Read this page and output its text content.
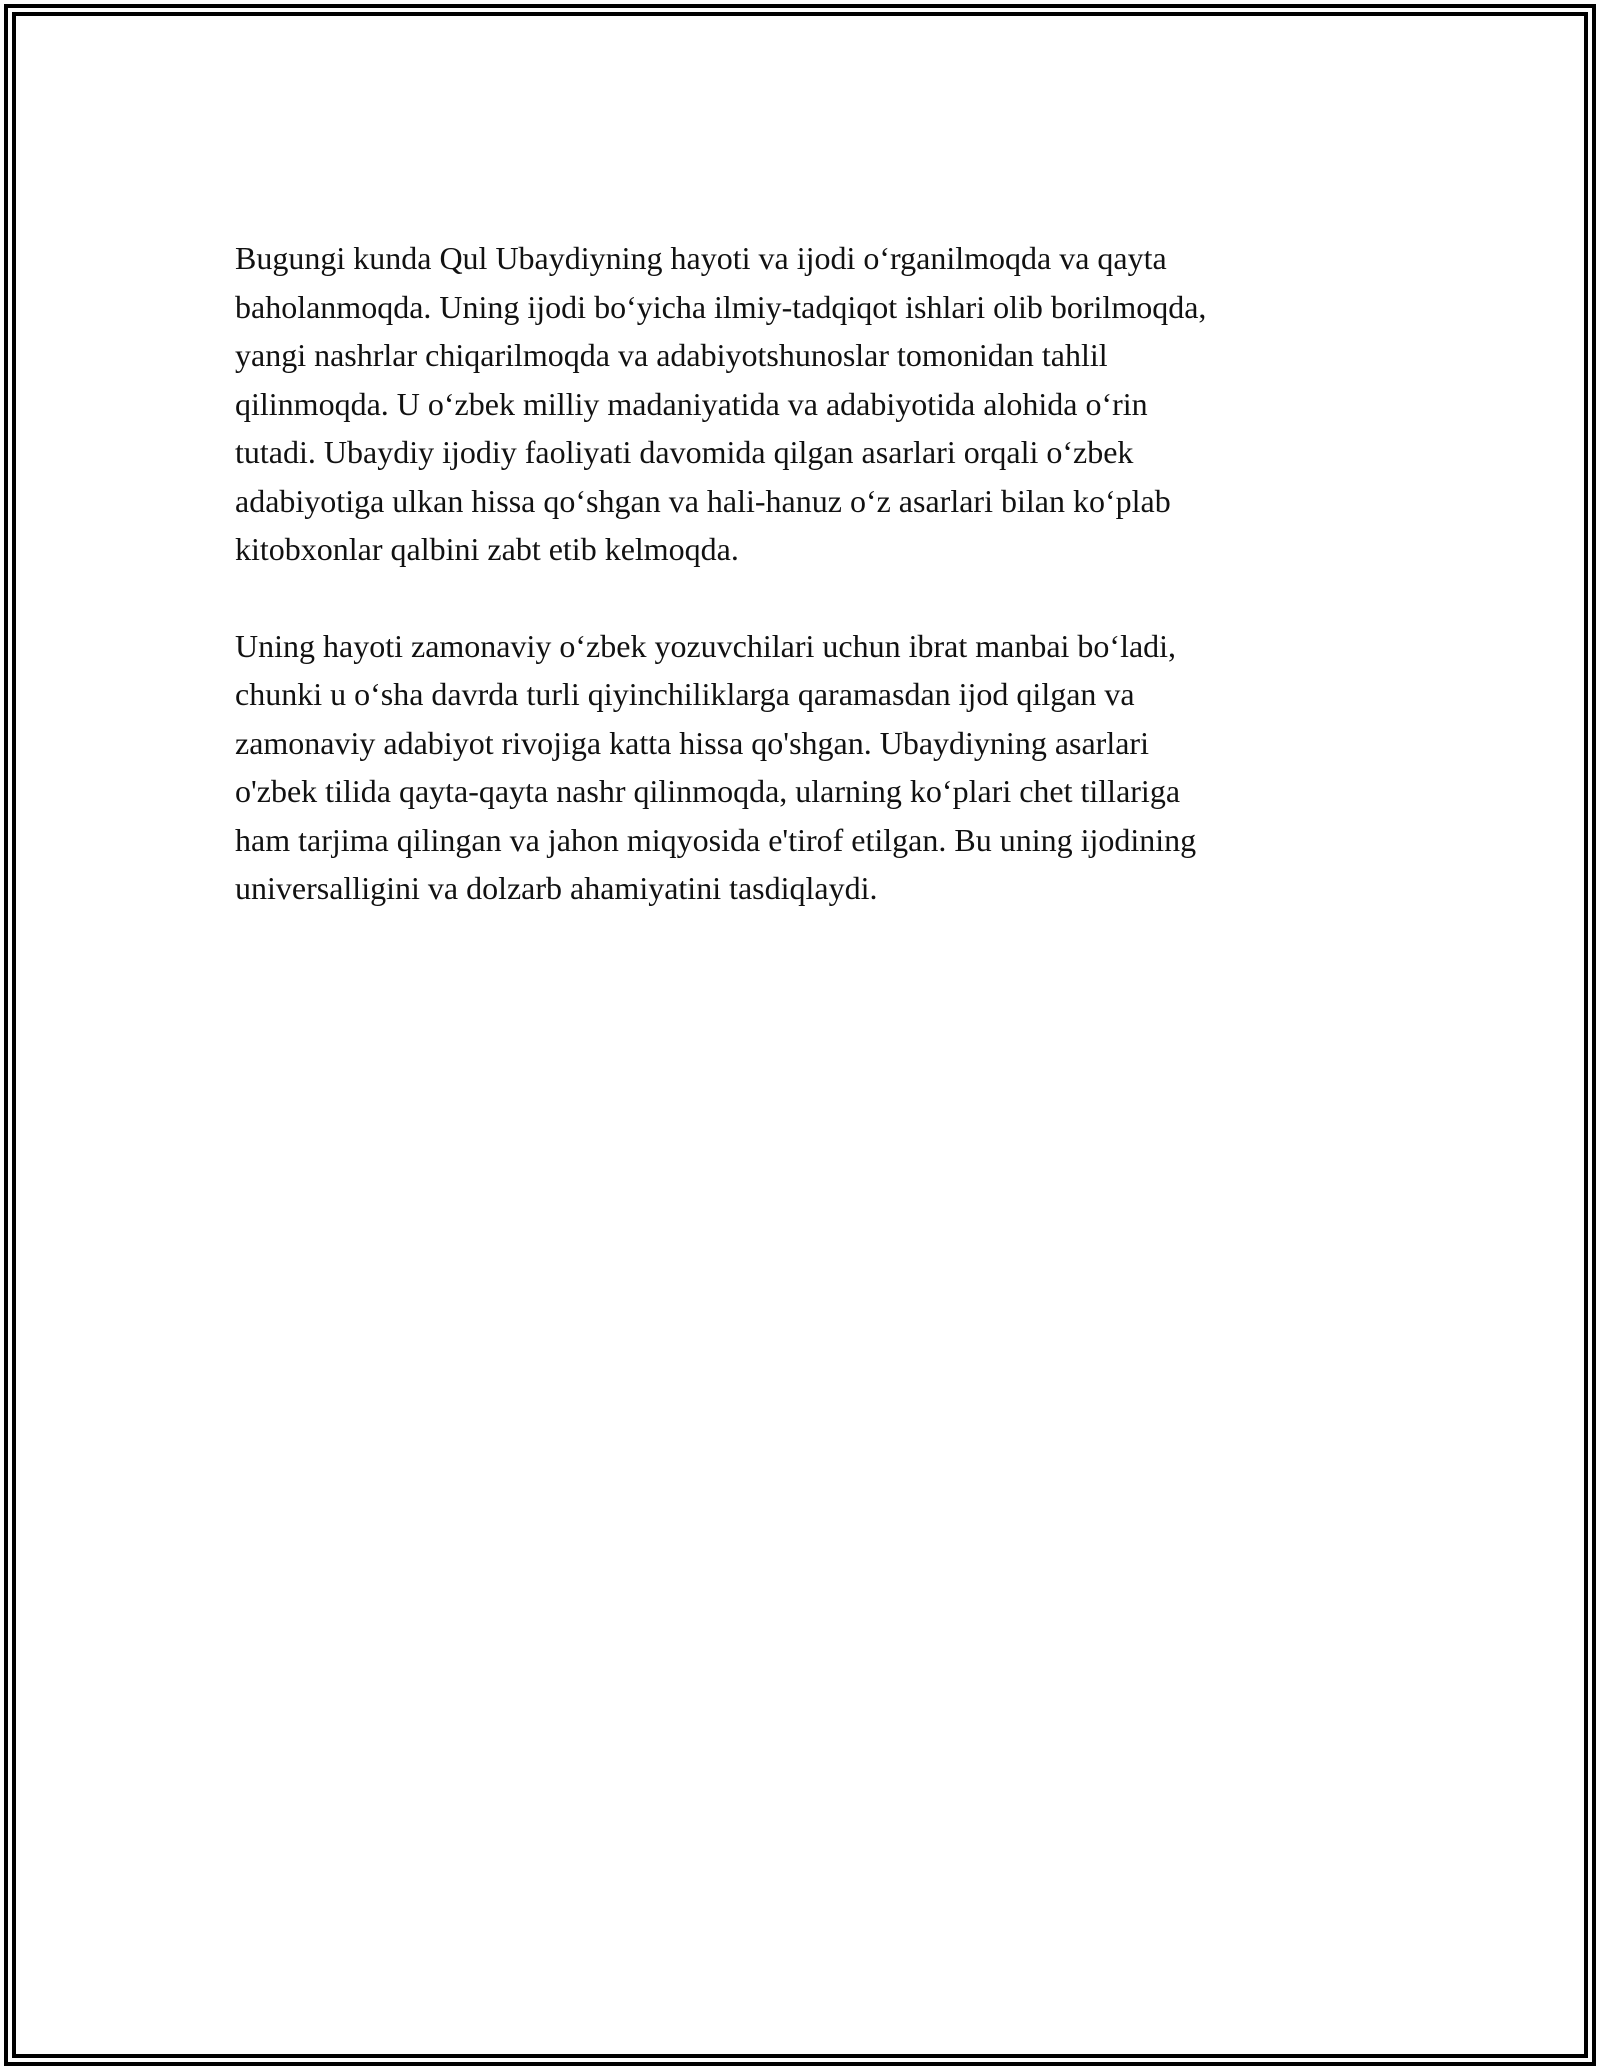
Bugungi kunda Qul Ubaydiyning hayoti va ijodi o‘rganilmoqda va qayta
baholanmoqda. Uning ijodi bo‘yicha ilmiy-tadqiqot ishlari olib borilmoqda,
yangi nashrlar chiqarilmoqda va adabiyotshunoslar tomonidan tahlil
qilinmoqda. U o‘zbek milliy madaniyatida va adabiyotida alohida o‘rin
tutadi. Ubaydiy ijodiy faoliyati davomida qilgan asarlari orqali o‘zbek
adabiyotiga ulkan hissa qo‘shgan va hali-hanuz o‘z asarlari bilan ko‘plab
kitobxonlar qalbini zabt etib kelmoqda.

Uning hayoti zamonaviy o‘zbek yozuvchilari uchun ibrat manbai bo‘ladi,
chunki u o‘sha davrda turli qiyinchiliklarga qaramasdan ijod qilgan va
zamonaviy adabiyot rivojiga katta hissa qo'shgan. Ubaydiyning asarlari
o'zbek tilida qayta-qayta nashr qilinmoqda, ularning ko‘plari chet tillariga
ham tarjima qilingan va jahon miqyosida e'tirof etilgan. Bu uning ijodining
universalligini va dolzarb ahamiyatini tasdiqlaydi.
